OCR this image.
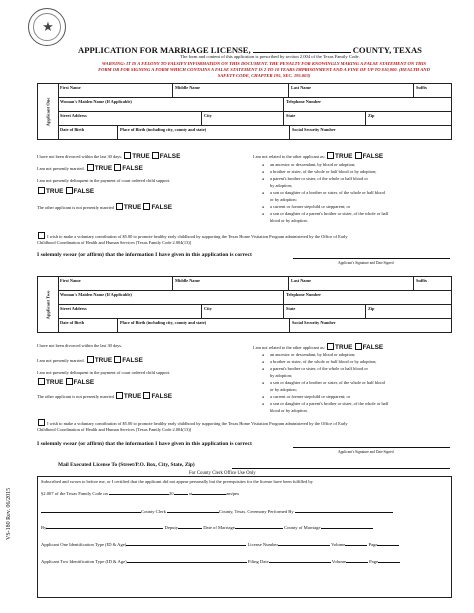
★
APPLICATION FOR MARRIAGE LICENSE,	COUNTY, TEXAS
The form and content of this application is prescribed by section 2.004 of the Texas Family Code.
WARNING: IT IS A FELONY TO FALSIFY INFORMATION ON THIS DOCUMENT. THE PENALTY FOR KNOWINGLY MAKING A FALSE STATEMENT ON THIS
FORM OR FOR SIGNING A FORM WHICH CONTAINS A FALSE STATEMENT IS 2 TO 10 YEARS IMPRISONMENT AND A FINE OF UP TO $10,000. (HEALTH AND
SAFETY CODE, CHAPTER 195, SEC. 195.003)
Applicant One
First Name	Middle Name	Last Name	Suffix
Woman's Maiden Name (If Applicable)	Telephone Number
Street Address	City	State	Zip
Date of Birth	Place of Birth (including city, county and state)	Social Security Number
I have not been divorced within the last 30 days. TRUE FALSE
I am not presently married. TRUE FALSE
I am not presently delinquent in the payment of court ordered child support.
TRUE FALSE
The other applicant is not presently married TRUE FALSE
I am not related to the other applicant as: TRUE FALSE
● an ancestor or descendant, by blood or adoption;
● a brother or sister, of the whole or half blood or by adoption;
● a parent's brother or sister, of the whole or half blood or
by adoption;
● a son or daughter of a brother or sister, of the whole or half blood
or by adoption;
● a current or former stepchild or stepparent; or
● a son or daughter of a parent's brother or sister, of the whole or half
blood or by adoption.
I wish to make a voluntary contribution of $5.00 to promote healthy early childhood by supporting the Texas Home Visitation Program administered by the Office of Early
Childhood Coordination of Health and Human Services [Texas Family Code 2.004(13)]
I solemnly swear (or affirm) that the information I have given in this application is correct
Applicant's Signature and Date Signed
Applicant Two
First Name	Middle Name	Last Name	Suffix
Woman's Maiden Name (If Applicable)	Telephone Number
Street Address	City	State	Zip
Date of Birth	Place of Birth (including city, county and state)	Social Security Number
I have not been divorced within the last 30 days.
I am not presently married. TRUE FALSE
I am not presently delinquent in the payment of court ordered child support.
TRUE FALSE
The other applicant is not presently married TRUE FALSE
I am not related to the other applicant as: TRUE FALSE
● an ancestor or descendant, by blood or adoption;
● a brother or sister, of the whole or half blood or by adoption;
● a parent's brother or sister, of the whole or half blood or
by adoption;
● a son or daughter of a brother or sister, of the whole or half blood
or by adoption;
● a current or former stepchild or stepparent; or
● a son or daughter of a parent's brother or sister, of the whole or half
blood or by adoption.
I wish to make a voluntary contribution of $5.00 to promote healthy early childhood by supporting the Texas Home Visitation Program administered by the Office of Early
Childhood Coordination of Health and Human Services [Texas Family Code 2.004(13)]
I solemnly swear (or affirm) that the information I have given in this application is correct
Applicant's Signature and Date Signed
Mail Executed License To (Street/P.O. Box, City, State, Zip)
For County Clerk Office Use Only
Subscribed and sworn to before me, or I certified that the applicant did not appear personally but the prerequisites for the license have been fulfilled by
§2.007 of the Texas Family Code on	20	at	am/pm
County Clerk	County, Texas. Ceremony Performed By
By	Deputy	Date of Marriage	County of Marriage
Applicant One Identification Type (ID & Age)	License Number	Volume	Page
Applicant Two Identification Type (ID & Age)	Filing Date	Volume	Page
VS-180 Rev. 06/2015
